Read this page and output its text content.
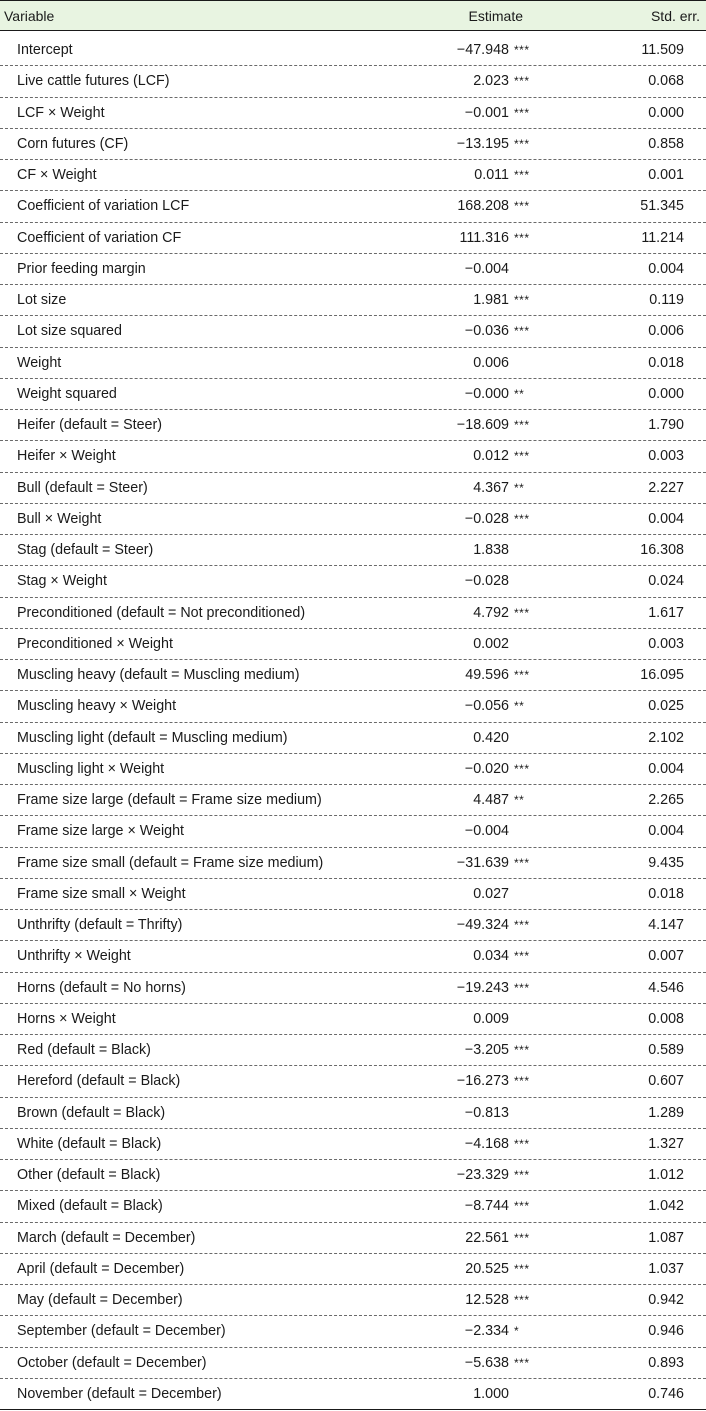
Variable	Estimate	Std. err.
Intercept	−47.948 ***	11.509
Live cattle futures (LCF)	2.023 ***	0.068
LCF × Weight	−0.001 ***	0.000
Corn futures (CF)	−13.195 ***	0.858
CF × Weight	0.011 ***	0.001
Coefficient of variation LCF	168.208 ***	51.345
Coefficient of variation CF	111.316 ***	11.214
Prior feeding margin	−0.004	0.004
Lot size	1.981 ***	0.119
Lot size squared	−0.036 ***	0.006
Weight	0.006	0.018
Weight squared	−0.000 **	0.000
Heifer (default = Steer)	−18.609 ***	1.790
Heifer × Weight	0.012 ***	0.003
Bull (default = Steer)	4.367 **	2.227
Bull × Weight	−0.028 ***	0.004
Stag (default = Steer)	1.838	16.308
Stag × Weight	−0.028	0.024
Preconditioned (default = Not preconditioned)	4.792 ***	1.617
Preconditioned × Weight	0.002	0.003
Muscling heavy (default = Muscling medium)	49.596 ***	16.095
Muscling heavy × Weight	−0.056 **	0.025
Muscling light (default = Muscling medium)	0.420	2.102
Muscling light × Weight	−0.020 ***	0.004
Frame size large (default = Frame size medium)	4.487 **	2.265
Frame size large × Weight	−0.004	0.004
Frame size small (default = Frame size medium)	−31.639 ***	9.435
Frame size small × Weight	0.027	0.018
Unthrifty (default = Thrifty)	−49.324 ***	4.147
Unthrifty × Weight	0.034 ***	0.007
Horns (default = No horns)	−19.243 ***	4.546
Horns × Weight	0.009	0.008
Red (default = Black)	−3.205 ***	0.589
Hereford (default = Black)	−16.273 ***	0.607
Brown (default = Black)	−0.813	1.289
White (default = Black)	−4.168 ***	1.327
Other (default = Black)	−23.329 ***	1.012
Mixed (default = Black)	−8.744 ***	1.042
March (default = December)	22.561 ***	1.087
April (default = December)	20.525 ***	1.037
May (default = December)	12.528 ***	0.942
September (default = December)	−2.334 *	0.946
October (default = December)	−5.638 ***	0.893
November (default = December)	1.000	0.746
